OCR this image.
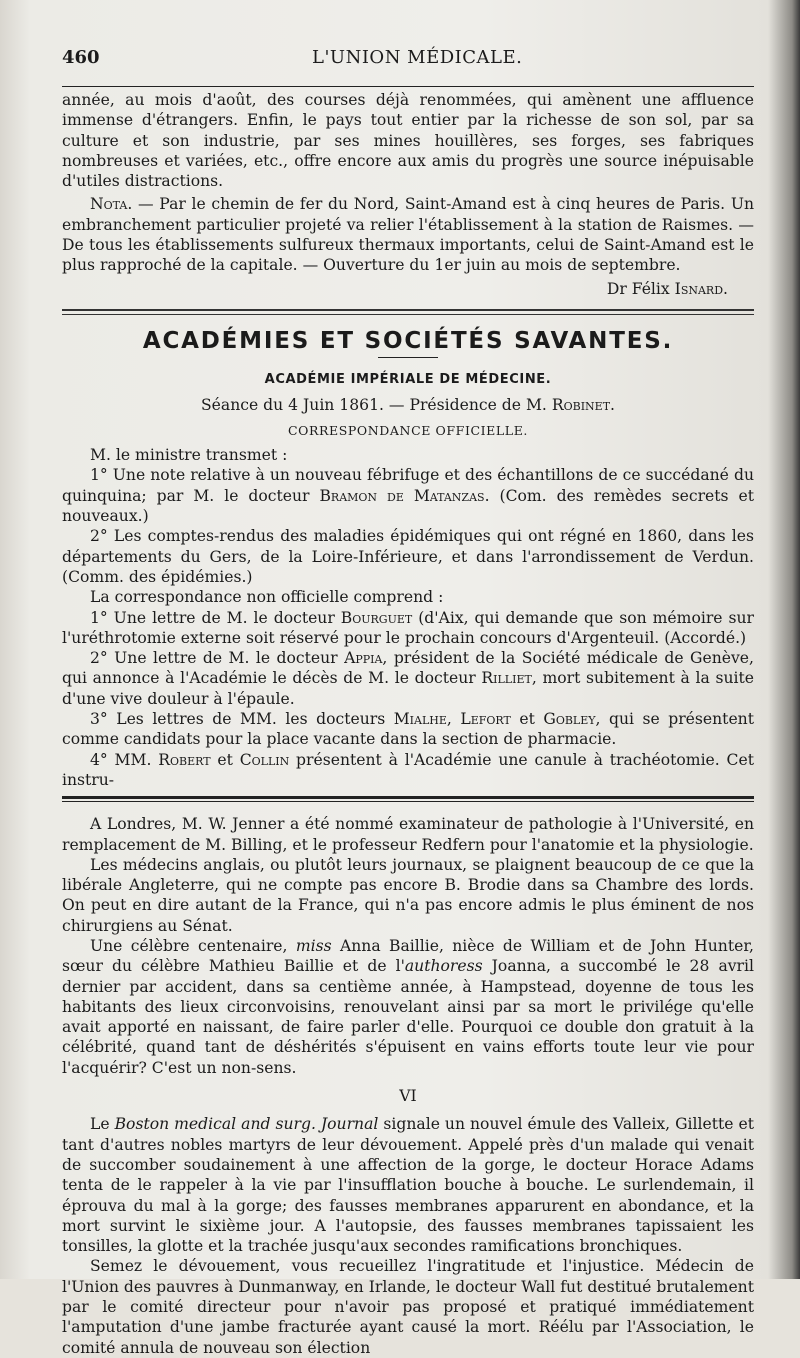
460	L'UNION MÉDICALE.

année, au mois d'août, des courses déjà renommées, qui amènent une affluence immense d'étrangers. Enfin, le pays tout entier par la richesse de son sol, par sa culture et son industrie, par ses mines houillères, ses forges, ses fabriques nombreuses et variées, etc., offre encore aux amis du progrès une source inépuisable d'utiles distractions.

Nota. — Par le chemin de fer du Nord, Saint-Amand est à cinq heures de Paris. Un embranchement particulier projeté va relier l'établissement à la station de Raismes. — De tous les établissements sulfureux thermaux importants, celui de Saint-Amand est le plus rapproché de la capitale. — Ouverture du 1er juin au mois de septembre.

Dr Félix Isnard.

ACADÉMIES ET SOCIÉTÉS SAVANTES.
ACADÉMIE IMPÉRIALE DE MÉDECINE.
Séance du 4 Juin 1861. — Présidence de M. Robinet.
CORRESPONDANCE OFFICIELLE.

M. le ministre transmet :

1° Une note relative à un nouveau fébrifuge et des échantillons de ce succédané du quinquina; par M. le docteur Bramon de Matanzas. (Com. des remèdes secrets et nouveaux.)

2° Les comptes-rendus des maladies épidémiques qui ont régné en 1860, dans les départements du Gers, de la Loire-Inférieure, et dans l'arrondissement de Verdun. (Comm. des épidémies.)

La correspondance non officielle comprend :

1° Une lettre de M. le docteur Bourguet (d'Aix, qui demande que son mémoire sur l'uréthrotomie externe soit réservé pour le prochain concours d'Argenteuil. (Accordé.)

2° Une lettre de M. le docteur Appia, président de la Société médicale de Genève, qui annonce à l'Académie le décès de M. le docteur Rilliet, mort subitement à la suite d'une vive douleur à l'épaule.

3° Les lettres de MM. les docteurs Mialhe, Lefort et Gobley, qui se présentent comme candidats pour la place vacante dans la section de pharmacie.

4° MM. Robert et Collin présentent à l'Académie une canule à trachéotomie. Cet instru-

A Londres, M. W. Jenner a été nommé examinateur de pathologie à l'Université, en remplacement de M. Billing, et le professeur Redfern pour l'anatomie et la physiologie.

Les médecins anglais, ou plutôt leurs journaux, se plaignent beaucoup de ce que la libérale Angleterre, qui ne compte pas encore B. Brodie dans sa Chambre des lords. On peut en dire autant de la France, qui n'a pas encore admis le plus éminent de nos chirurgiens au Sénat.

Une célèbre centenaire, miss Anna Baillie, nièce de William et de John Hunter, sœur du célèbre Mathieu Baillie et de l'authoress Joanna, a succombé le 28 avril dernier par accident, dans sa centième année, à Hampstead, doyenne de tous les habitants des lieux circonvoisins, renouvelant ainsi par sa mort le privilége qu'elle avait apporté en naissant, de faire parler d'elle. Pourquoi ce double don gratuit à la célébrité, quand tant de déshérités s'épuisent en vains efforts toute leur vie pour l'acquérir? C'est un non-sens.

VI

Le Boston medical and surg. Journal signale un nouvel émule des Valleix, Gillette et tant d'autres nobles martyrs de leur dévouement. Appelé près d'un malade qui venait de succomber soudainement à une affection de la gorge, le docteur Horace Adams tenta de le rappeler à la vie par l'insufflation bouche à bouche. Le surlendemain, il éprouva du mal à la gorge; des fausses membranes apparurent en abondance, et la mort survint le sixième jour. A l'autopsie, des fausses membranes tapissaient les tonsilles, la glotte et la trachée jusqu'aux secondes ramifications bronchiques.

Semez le dévouement, vous recueillez l'ingratitude et l'injustice. Médecin de l'Union des pauvres à Dunmanway, en Irlande, le docteur Wall fut destitué brutalement par le comité directeur pour n'avoir pas proposé et pratiqué immédiatement l'amputation d'une jambe fracturée ayant causé la mort. Réélu par l'Association, le comité annula de nouveau son élection
